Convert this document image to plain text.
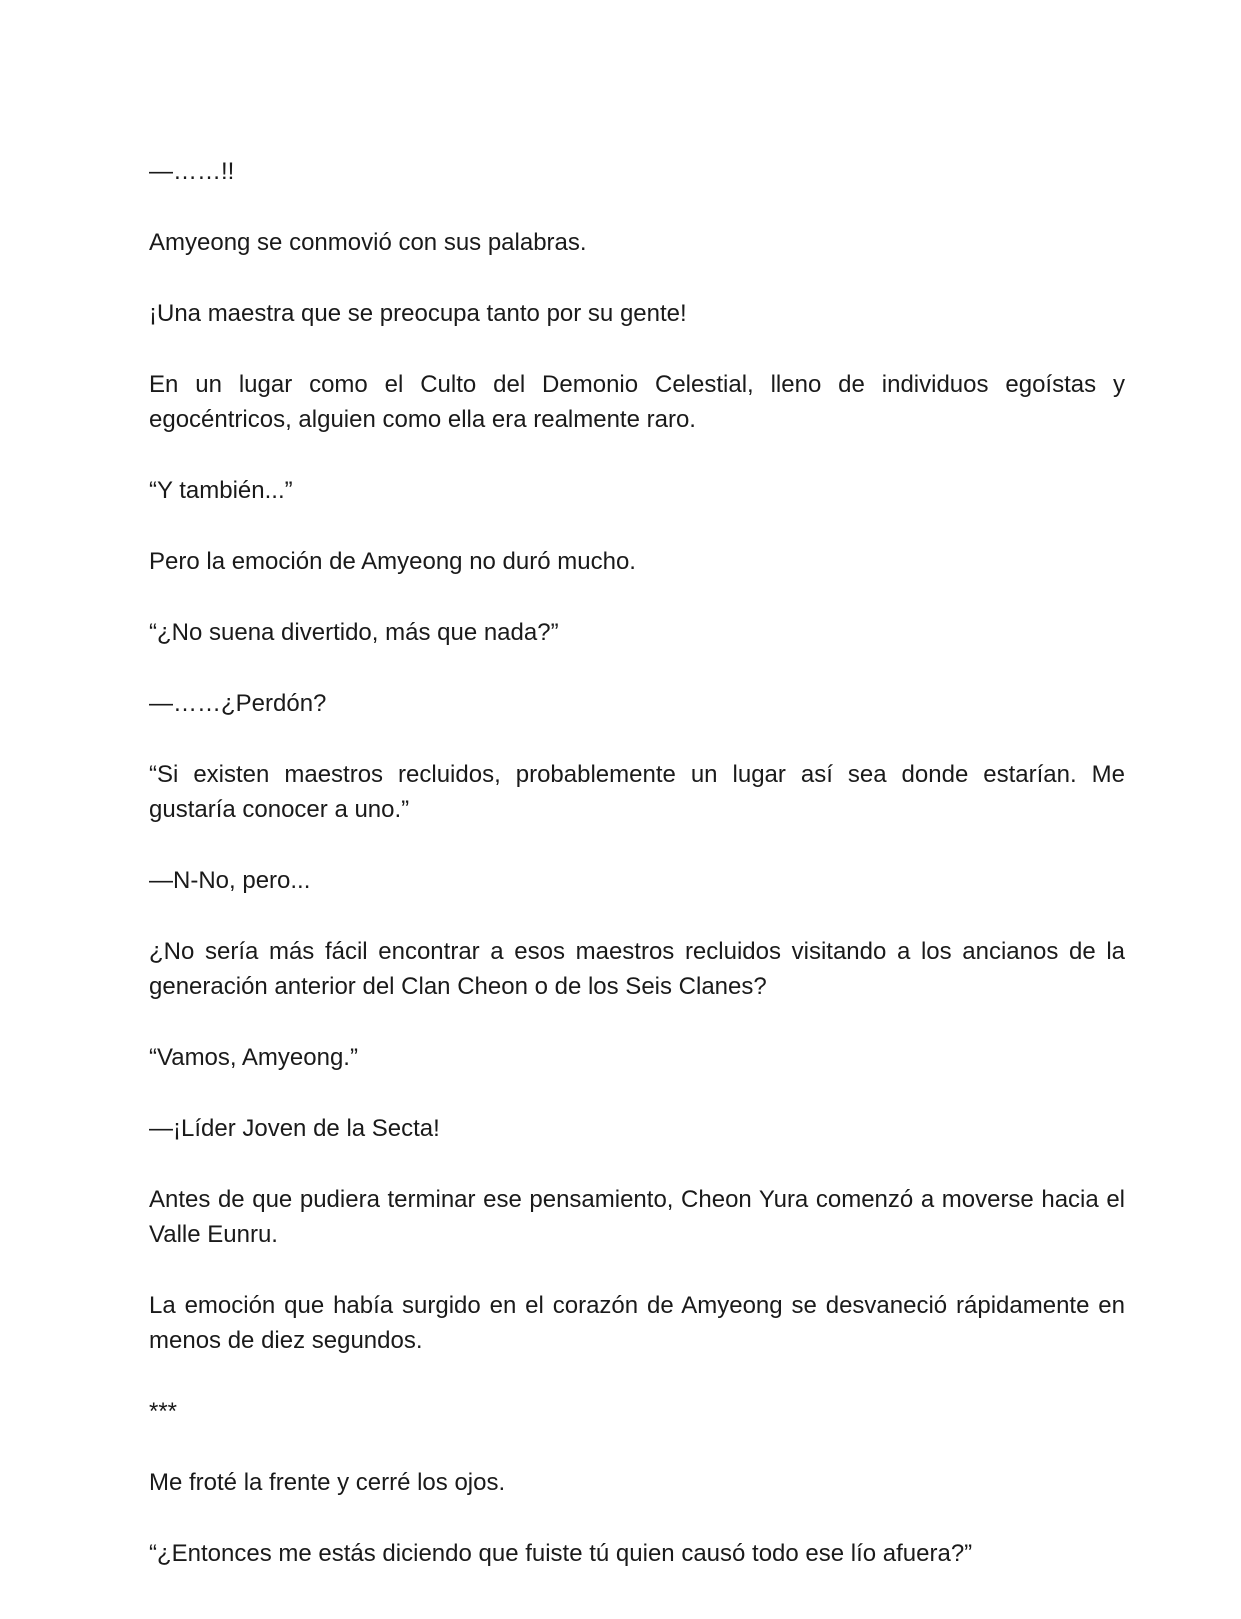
—……!!

Amyeong se conmovió con sus palabras.

¡Una maestra que se preocupa tanto por su gente!

En un lugar como el Culto del Demonio Celestial, lleno de individuos egoístas y egocéntricos, alguien como ella era realmente raro.

“Y también...”

Pero la emoción de Amyeong no duró mucho.

“¿No suena divertido, más que nada?”

—……¿Perdón?

“Si existen maestros recluidos, probablemente un lugar así sea donde estarían. Me gustaría conocer a uno.”

—N-No, pero...

¿No sería más fácil encontrar a esos maestros recluidos visitando a los ancianos de la generación anterior del Clan Cheon o de los Seis Clanes?

“Vamos, Amyeong.”

—¡Líder Joven de la Secta!

Antes de que pudiera terminar ese pensamiento, Cheon Yura comenzó a moverse hacia el Valle Eunru.

La emoción que había surgido en el corazón de Amyeong se desvaneció rápidamente en menos de diez segundos.

***

Me froté la frente y cerré los ojos.

“¿Entonces me estás diciendo que fuiste tú quien causó todo ese lío afuera?”
